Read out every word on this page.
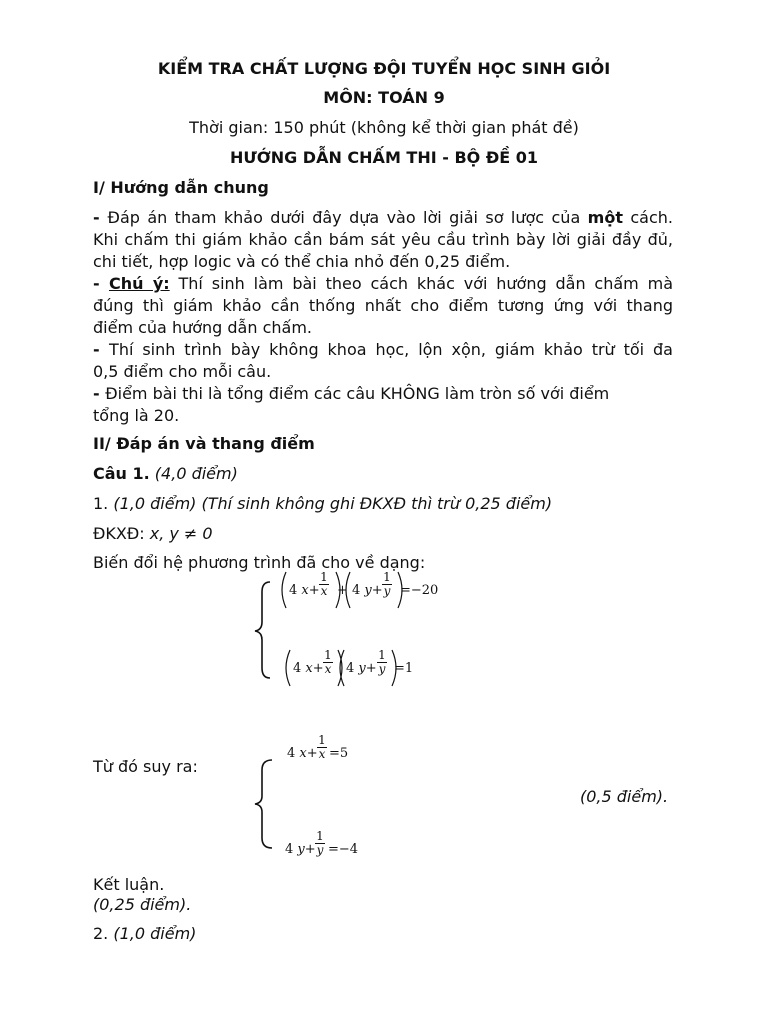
KIỂM TRA CHẤT LƯỢNG ĐỘI TUYỂN HỌC SINH GIỎI
MÔN: TOÁN 9
Thời gian: 150 phút (không kể thời gian phát đề)
HƯỚNG DẪN CHẤM THI - BỘ ĐỀ 01
I/ Hướng dẫn chung
- Đáp án tham khảo dưới đây dựa vào lời giải sơ lược của một cách.
Khi chấm thi giám khảo cần bám sát yêu cầu trình bày lời giải đầy đủ,
chi tiết, hợp logic và có thể chia nhỏ đến 0,25 điểm.
- Chú ý: Thí sinh làm bài theo cách khác với hướng dẫn chấm mà
đúng thì giám khảo cần thống nhất cho điểm tương ứng với thang
điểm của hướng dẫn chấm.
- Thí sinh trình bày không khoa học, lộn xộn, giám khảo trừ tối đa
0,5 điểm cho mỗi câu.
- Điểm bài thi là tổng điểm các câu KHÔNG làm tròn số với điểm
tổng là 20.
II/ Đáp án và thang điểm
Câu 1. (4,0 điểm)
1. (1,0 điểm) (Thí sinh không ghi ĐKXĐ thì trừ 0,25 điểm)
ĐKXĐ: x, y ≠ 0
Biến đổi hệ phương trình đã cho về dạng:
4 x+
1
x + 4 y+
1
y =−20
4 x+
1
x 4 y+
1
y =1
Từ đó suy ra:
4 x+
1
x =5
(0,5 điểm).
4 y+
1
y =−4
Kết luận.
(0,25 điểm).
2. (1,0 điểm)
